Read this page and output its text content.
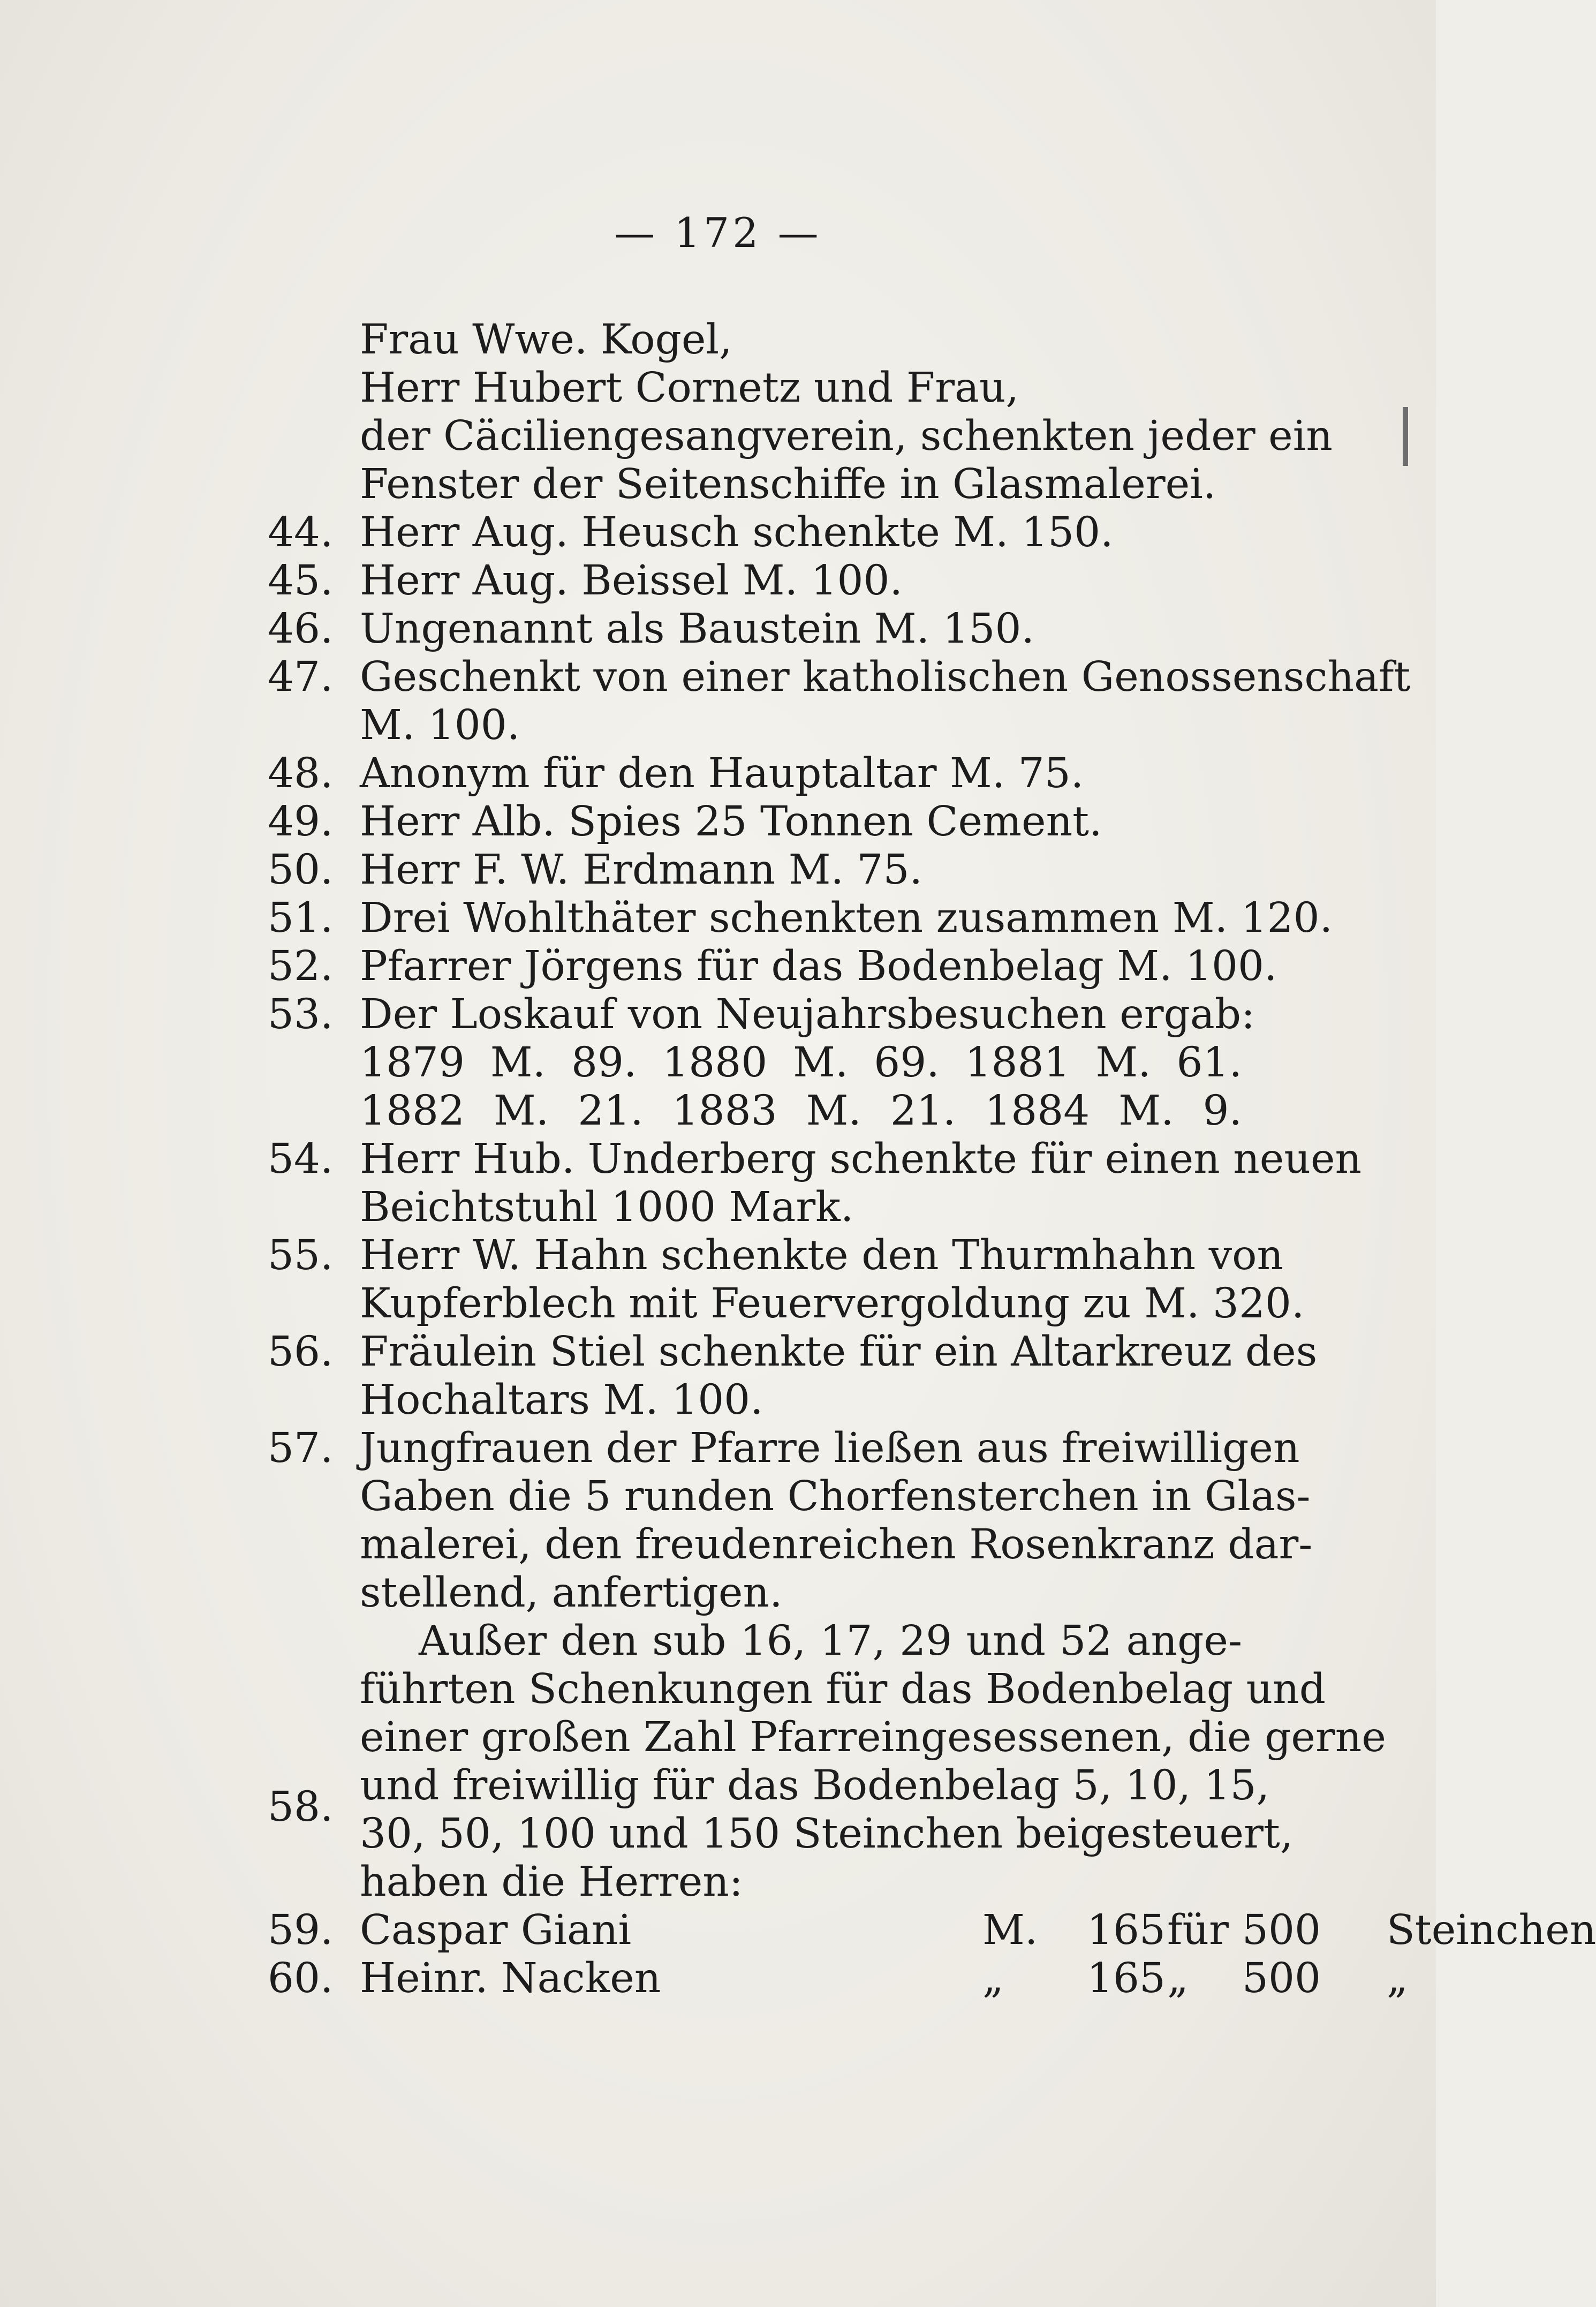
— 172 —
Frau Wwe. Kogel,
Herr Hubert Cornetz und Frau,
der Cäciliengesangverein, schenkten jeder ein
Fenster der Seitenschiffe in Glasmalerei.
44. Herr Aug. Heusch schenkte M. 150.
45. Herr Aug. Beissel M. 100.
46. Ungenannt als Baustein M. 150.
47. Geschenkt von einer katholischen Genossenschaft
M. 100.
48. Anonym für den Hauptaltar M. 75.
49. Herr Alb. Spies 25 Tonnen Cement.
50. Herr F. W. Erdmann M. 75.
51. Drei Wohlthäter schenkten zusammen M. 120.
52. Pfarrer Jörgens für das Bodenbelag M. 100.
53. Der Loskauf von Neujahrsbesuchen ergab:
1879 M. 89. 1880 M. 69. 1881 M. 61.
1882 M. 21. 1883 M. 21. 1884 M. 9.
54. Herr Hub. Underberg schenkte für einen neuen
Beichtstuhl 1000 Mark.
55. Herr W. Hahn schenkte den Thurmhahn von
Kupferblech mit Feuervergoldung zu M. 320.
56. Fräulein Stiel schenkte für ein Altarkreuz des
Hochaltars M. 100.
57. Jungfrauen der Pfarre ließen aus freiwilligen
Gaben die 5 runden Chorfensterchen in Glas-
malerei, den freudenreichen Rosenkranz dar-
stellend, anfertigen.
Außer den sub 16, 17, 29 und 52 ange-
führten Schenkungen für das Bodenbelag und
einer großen Zahl Pfarreingesessenen, die gerne
58. und freiwillig für das Bodenbelag 5, 10, 15,
30, 50, 100 und 150 Steinchen beigesteuert,
haben die Herren:
59. Caspar Giani	M. 165 für 500 Steinchen
60. Heinr. Nacken	„ 165 „ 500 „
